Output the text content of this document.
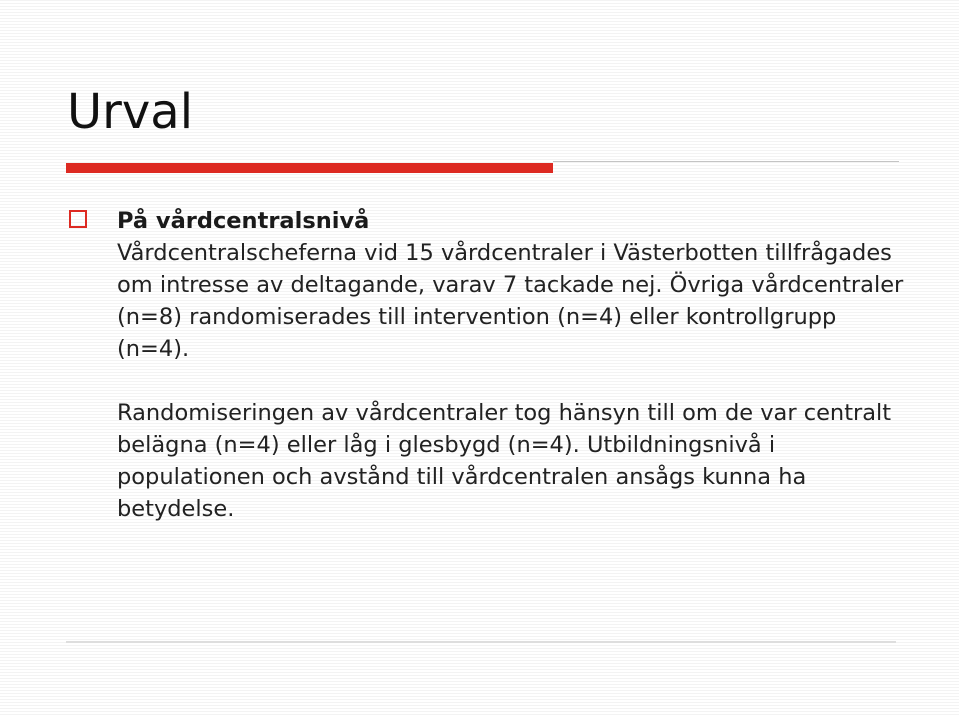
Urval

På vårdcentralsnivå

Vårdcentralscheferna vid 15 vårdcentraler i Västerbotten tillfrågades om intresse av deltagande, varav 7 tackade nej. Övriga vårdcentraler (n=8) randomiserades till intervention (n=4) eller kontrollgrupp (n=4).

Randomiseringen av vårdcentraler tog hänsyn till om de var centralt belägna (n=4) eller låg i glesbygd (n=4). Utbildningsnivå i populationen och avstånd till vårdcentralen ansågs kunna ha betydelse.
